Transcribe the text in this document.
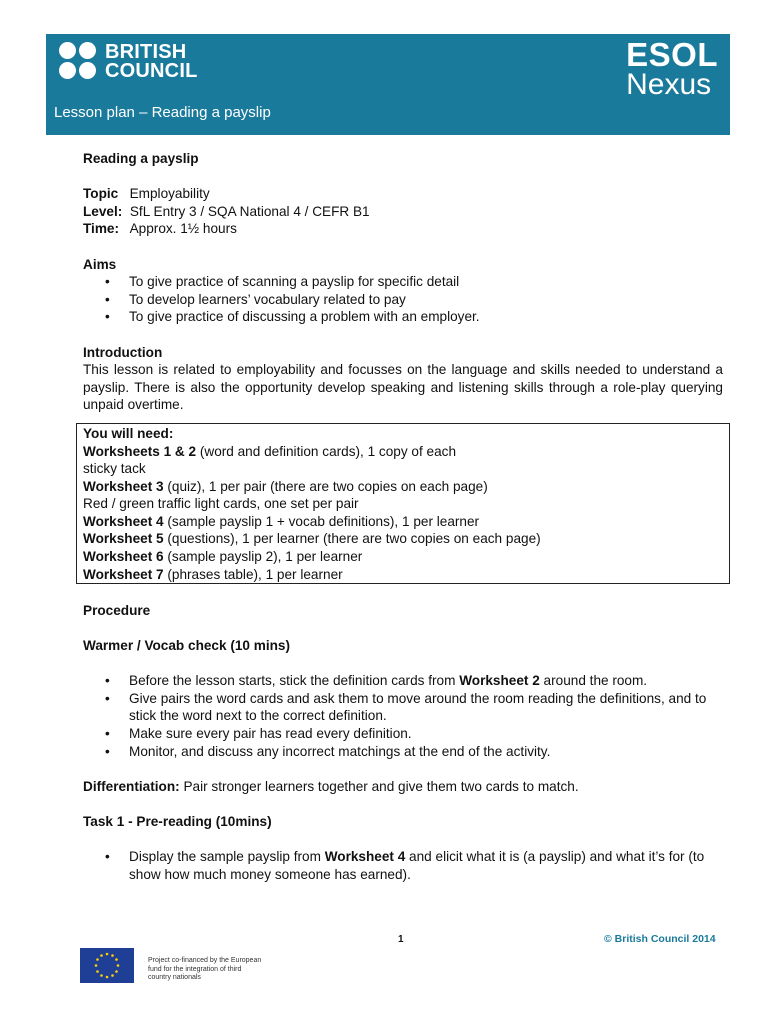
BRITISH
COUNCIL	ESOL
Nexus
Lesson plan – Reading a payslip

Reading a payslip

Topic Employability

Level: SfL Entry 3 / SQA National 4 / CEFR B1

Time: Approx. 1½ hours

Aims

• To give practice of scanning a payslip for specific detail
• To develop learners’ vocabulary related to pay
• To give practice of discussing a problem with an employer.

Introduction

This lesson is related to employability and focusses on the language and skills needed to understand a payslip. There is also the opportunity develop speaking and listening skills through a role-play querying unpaid overtime.

You will need:

Worksheets 1 & 2 (word and definition cards), 1 copy of each

sticky tack

Worksheet 3 (quiz), 1 per pair (there are two copies on each page)

Red / green traffic light cards, one set per pair

Worksheet 4 (sample payslip 1 + vocab definitions), 1 per learner

Worksheet 5 (questions), 1 per learner (there are two copies on each page)

Worksheet 6 (sample payslip 2), 1 per learner

Worksheet 7 (phrases table), 1 per learner

Procedure

Warmer / Vocab check (10 mins)

• Before the lesson starts, stick the definition cards from Worksheet 2 around the room.
• Give pairs the word cards and ask them to move around the room reading the definitions, and to stick the word next to the correct definition.
• Make sure every pair has read every definition.
• Monitor, and discuss any incorrect matchings at the end of the activity.

Differentiation: Pair stronger learners together and give them two cards to match.

Task 1 - Pre-reading (10mins)

• Display the sample payslip from Worksheet 4 and elicit what it is (a payslip) and what it’s for (to show how much money someone has earned).
1	© British Council 2014
Project co-financed by the European
fund for the integration of third
country nationals
